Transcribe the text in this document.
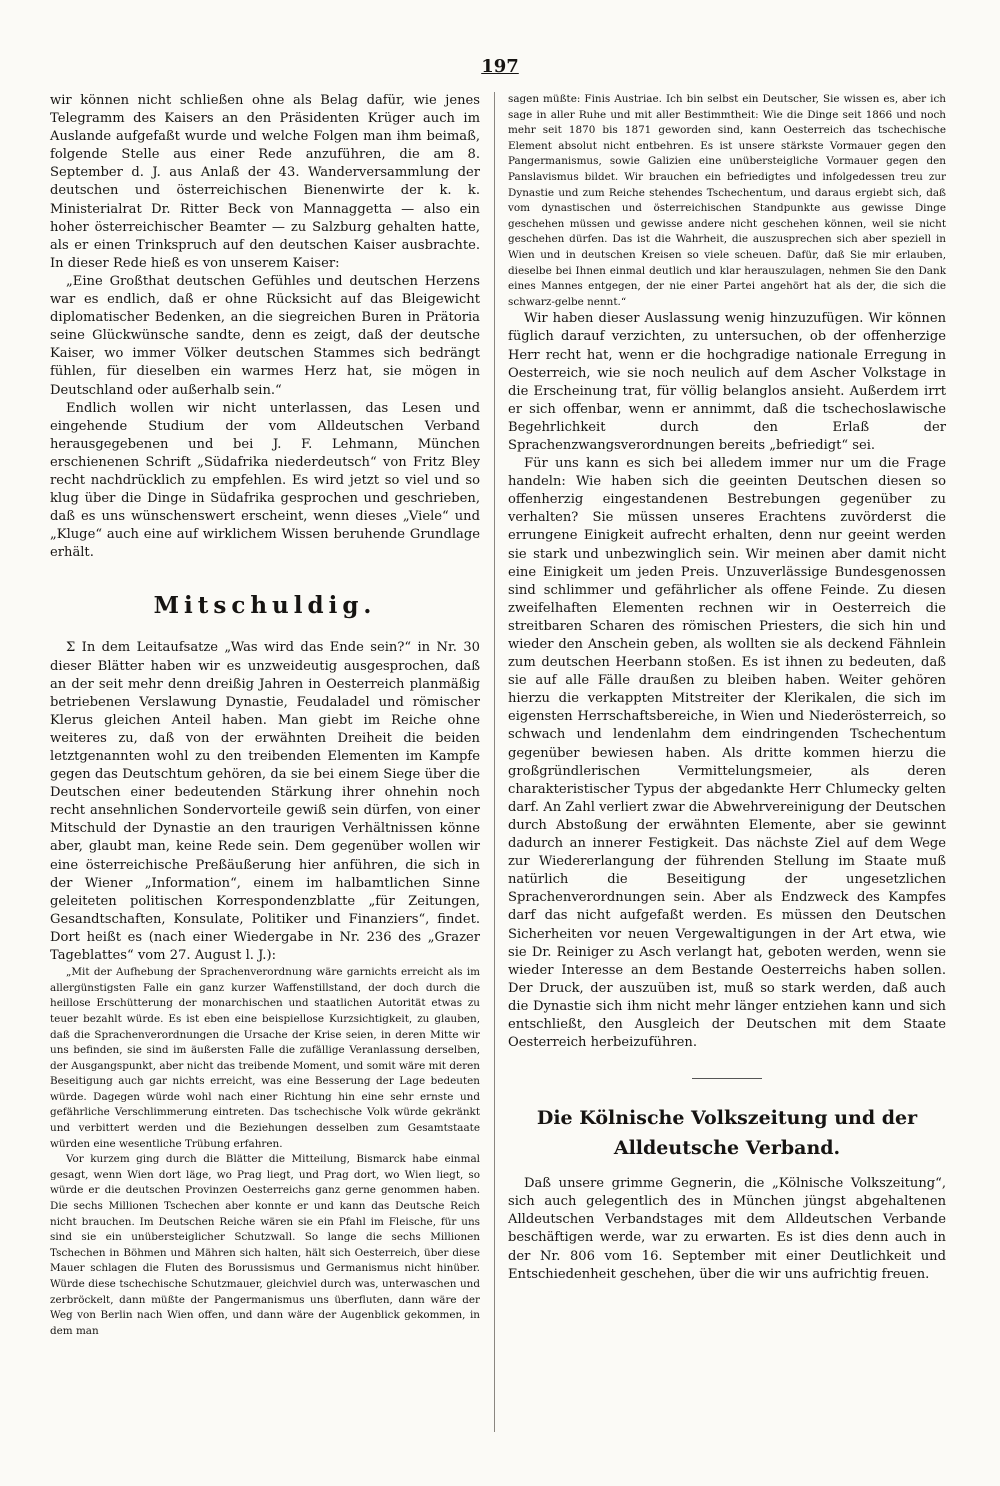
197

wir können nicht schließen ohne als Belag dafür, wie jenes Telegramm des Kaisers an den Präsidenten Krüger auch im Auslande aufgefaßt wurde und welche Folgen man ihm beimaß, folgende Stelle aus einer Rede anzuführen, die am 8. September d. J. aus Anlaß der 43. Wanderversammlung der deutschen und österreichischen Bienenwirte der k. k. Ministerialrat Dr. Ritter Beck von Mannaggetta — also ein hoher österreichischer Beamter — zu Salzburg gehalten hatte, als er einen Trinkspruch auf den deutschen Kaiser ausbrachte. In dieser Rede hieß es von unserem Kaiser:

„Eine Großthat deutschen Gefühles und deutschen Herzens war es endlich, daß er ohne Rücksicht auf das Bleigewicht diplomatischer Bedenken, an die siegreichen Buren in Prätoria seine Glückwünsche sandte, denn es zeigt, daß der deutsche Kaiser, wo immer Völker deutschen Stammes sich bedrängt fühlen, für dieselben ein warmes Herz hat, sie mögen in Deutschland oder außerhalb sein.“

Endlich wollen wir nicht unterlassen, das Lesen und eingehende Studium der vom Alldeutschen Verband herausgegebenen und bei J. F. Lehmann, München erschienenen Schrift „Südafrika niederdeutsch“ von Fritz Bley recht nachdrücklich zu empfehlen. Es wird jetzt so viel und so klug über die Dinge in Südafrika gesprochen und geschrieben, daß es uns wünschenswert erscheint, wenn dieses „Viele“ und „Kluge“ auch eine auf wirklichem Wissen beruhende Grundlage erhält.

Mitschuldig.

Σ In dem Leitaufsatze „Was wird das Ende sein?“ in Nr. 30 dieser Blätter haben wir es unzweideutig ausgesprochen, daß an der seit mehr denn dreißig Jahren in Oesterreich planmäßig betriebenen Verslawung Dynastie, Feudaladel und römischer Klerus gleichen Anteil haben. Man giebt im Reiche ohne weiteres zu, daß von der erwähnten Dreiheit die beiden letztgenannten wohl zu den treibenden Elementen im Kampfe gegen das Deutschtum gehören, da sie bei einem Siege über die Deutschen einer bedeutenden Stärkung ihrer ohnehin noch recht ansehnlichen Sondervorteile gewiß sein dürfen, von einer Mitschuld der Dynastie an den traurigen Verhältnissen könne aber, glaubt man, keine Rede sein. Dem gegenüber wollen wir eine österreichische Preßäußerung hier anführen, die sich in der Wiener „Information“, einem im halbamtlichen Sinne geleiteten politischen Korrespondenzblatte „für Zeitungen, Gesandtschaften, Konsulate, Politiker und Finanziers“, findet. Dort heißt es (nach einer Wiedergabe in Nr. 236 des „Grazer Tageblattes“ vom 27. August l. J.):

„Mit der Aufhebung der Sprachenverordnung wäre garnichts erreicht als im allergünstigsten Falle ein ganz kurzer Waffenstillstand, der doch durch die heillose Erschütterung der monarchischen und staatlichen Autorität etwas zu teuer bezahlt würde. Es ist eben eine beispiellose Kurzsichtigkeit, zu glauben, daß die Sprachenverordnungen die Ursache der Krise seien, in deren Mitte wir uns befinden, sie sind im äußersten Falle die zufällige Veranlassung derselben, der Ausgangspunkt, aber nicht das treibende Moment, und somit wäre mit deren Beseitigung auch gar nichts erreicht, was eine Besserung der Lage bedeuten würde. Dagegen würde wohl nach einer Richtung hin eine sehr ernste und gefährliche Verschlimmerung eintreten. Das tschechische Volk würde gekränkt und verbittert werden und die Beziehungen desselben zum Gesamtstaate würden eine wesentliche Trübung erfahren.

Vor kurzem ging durch die Blätter die Mitteilung, Bismarck habe einmal gesagt, wenn Wien dort läge, wo Prag liegt, und Prag dort, wo Wien liegt, so würde er die deutschen Provinzen Oesterreichs ganz gerne genommen haben. Die sechs Millionen Tschechen aber konnte er und kann das Deutsche Reich nicht brauchen. Im Deutschen Reiche wären sie ein Pfahl im Fleische, für uns sind sie ein unübersteiglicher Schutzwall. So lange die sechs Millionen Tschechen in Böhmen und Mähren sich halten, hält sich Oesterreich, über diese Mauer schlagen die Fluten des Borussismus und Germanismus nicht hinüber. Würde diese tschechische Schutzmauer, gleichviel durch was, unterwaschen und zerbröckelt, dann müßte der Pangermanismus uns überfluten, dann wäre der Weg von Berlin nach Wien offen, und dann wäre der Augenblick gekommen, in dem man

sagen müßte: Finis Austriae. Ich bin selbst ein Deutscher, Sie wissen es, aber ich sage in aller Ruhe und mit aller Bestimmtheit: Wie die Dinge seit 1866 und noch mehr seit 1870 bis 1871 geworden sind, kann Oesterreich das tschechische Element absolut nicht entbehren. Es ist unsere stärkste Vormauer gegen den Pangermanismus, sowie Galizien eine unübersteigliche Vormauer gegen den Panslavismus bildet. Wir brauchen ein befriedigtes und infolgedessen treu zur Dynastie und zum Reiche stehendes Tschechentum, und daraus ergiebt sich, daß vom dynastischen und österreichischen Standpunkte aus gewisse Dinge geschehen müssen und gewisse andere nicht geschehen können, weil sie nicht geschehen dürfen. Das ist die Wahrheit, die auszusprechen sich aber speziell in Wien und in deutschen Kreisen so viele scheuen. Dafür, daß Sie mir erlauben, dieselbe bei Ihnen einmal deutlich und klar herauszulagen, nehmen Sie den Dank eines Mannes entgegen, der nie einer Partei angehört hat als der, die sich die schwarz-gelbe nennt.“

Wir haben dieser Auslassung wenig hinzuzufügen. Wir können füglich darauf verzichten, zu untersuchen, ob der offenherzige Herr recht hat, wenn er die hochgradige nationale Erregung in Oesterreich, wie sie noch neulich auf dem Ascher Volkstage in die Erscheinung trat, für völlig belanglos ansieht. Außerdem irrt er sich offenbar, wenn er annimmt, daß die tschechoslawische Begehrlichkeit durch den Erlaß der Sprachenzwangsverordnungen bereits „befriedigt“ sei.

Für uns kann es sich bei alledem immer nur um die Frage handeln: Wie haben sich die geeinten Deutschen diesen so offenherzig eingestandenen Bestrebungen gegenüber zu verhalten? Sie müssen unseres Erachtens zuvörderst die errungene Einigkeit aufrecht erhalten, denn nur geeint werden sie stark und unbezwinglich sein. Wir meinen aber damit nicht eine Einigkeit um jeden Preis. Unzuverlässige Bundesgenossen sind schlimmer und gefährlicher als offene Feinde. Zu diesen zweifelhaften Elementen rechnen wir in Oesterreich die streitbaren Scharen des römischen Priesters, die sich hin und wieder den Anschein geben, als wollten sie als deckend Fähnlein zum deutschen Heerbann stoßen. Es ist ihnen zu bedeuten, daß sie auf alle Fälle draußen zu bleiben haben. Weiter gehören hierzu die verkappten Mitstreiter der Klerikalen, die sich im eigensten Herrschaftsbereiche, in Wien und Niederösterreich, so schwach und lendenlahm dem eindringenden Tschechentum gegenüber bewiesen haben. Als dritte kommen hierzu die großgründlerischen Vermittelungsmeier, als deren charakteristischer Typus der abgedankte Herr Chlumecky gelten darf. An Zahl verliert zwar die Abwehrvereinigung der Deutschen durch Abstoßung der erwähnten Elemente, aber sie gewinnt dadurch an innerer Festigkeit. Das nächste Ziel auf dem Wege zur Wiedererlangung der führenden Stellung im Staate muß natürlich die Beseitigung der ungesetzlichen Sprachenverordnungen sein. Aber als Endzweck des Kampfes darf das nicht aufgefaßt werden. Es müssen den Deutschen Sicherheiten vor neuen Vergewaltigungen in der Art etwa, wie sie Dr. Reiniger zu Asch verlangt hat, geboten werden, wenn sie wieder Interesse an dem Bestande Oesterreichs haben sollen. Der Druck, der auszuüben ist, muß so stark werden, daß auch die Dynastie sich ihm nicht mehr länger entziehen kann und sich entschließt, den Ausgleich der Deutschen mit dem Staate Oesterreich herbeizuführen.

Die Kölnische Volkszeitung und der
Alldeutsche Verband.

Daß unsere grimme Gegnerin, die „Kölnische Volkszeitung“, sich auch gelegentlich des in München jüngst abgehaltenen Alldeutschen Verbandstages mit dem Alldeutschen Verbande beschäftigen werde, war zu erwarten. Es ist dies denn auch in der Nr. 806 vom 16. September mit einer Deutlichkeit und Entschiedenheit geschehen, über die wir uns aufrichtig freuen.
